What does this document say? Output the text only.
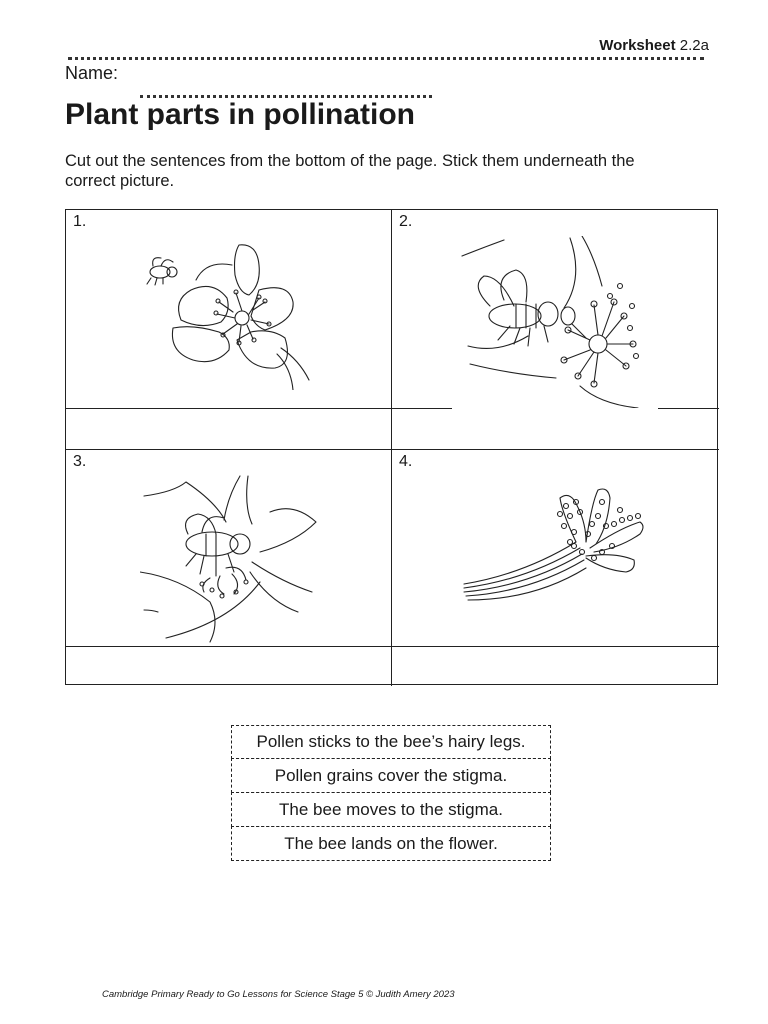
Worksheet 2.2a
Name:
Plant parts in pollination

Cut out the sentences from the bottom of the page. Stick them underneath the correct picture.

1.	2.
3.	4.
Pollen sticks to the bee’s hairy legs.
Pollen grains cover the stigma.
The bee moves to the stigma.
The bee lands on the flower.
Cambridge Primary Ready to Go Lessons for Science Stage 5 © Judith Amery 2023
